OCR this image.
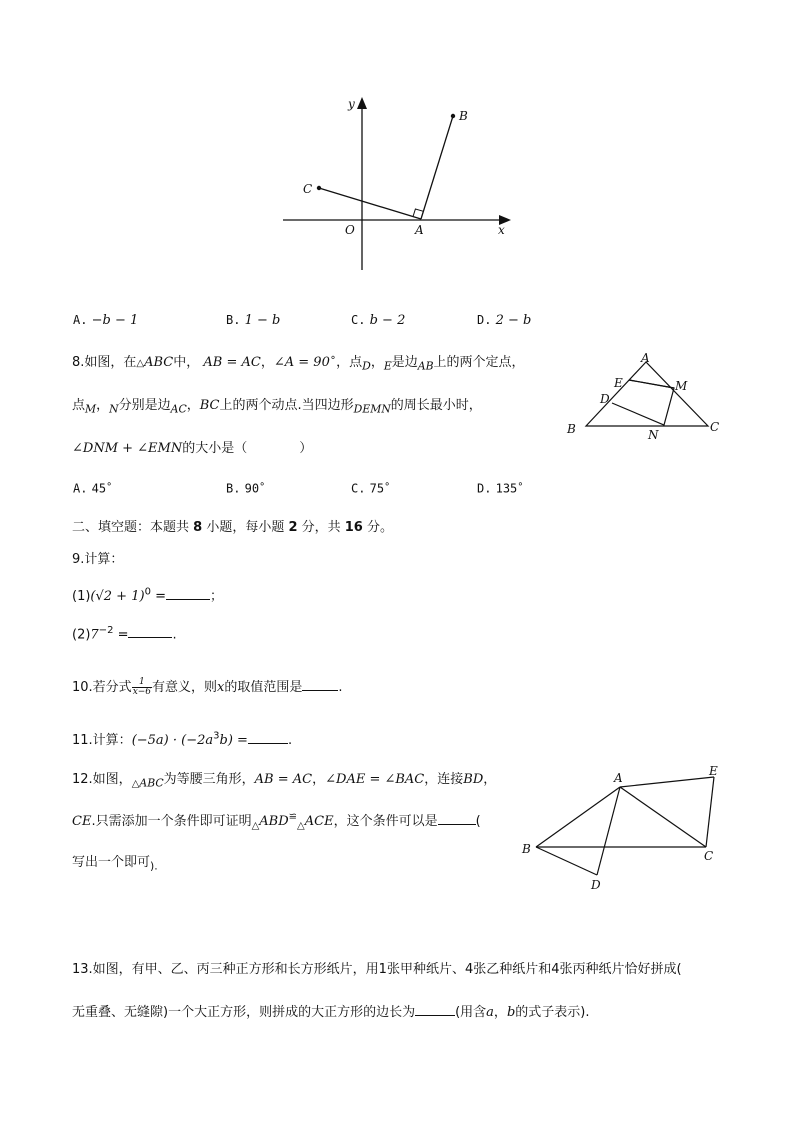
y
x
O	A
B
C
A. −b − 1	B. 1 − b	C. b − 2	D. 2 − b
8.如图，在△ABC中， AB = AC，∠A = 90∘，点$_D$，$_E$是边$_{AB}$上的两个定点，
点$_M$，$_N$分别是边$_{AC}$，BC上的两个动点.当四边形$_{DEMN}$的周长最小时，
∠DNM + ∠EMN的大小是（　　　　）
A
E	M
D
B	N
C
A. 45∘	B. 90∘	C. 75∘	D. 135∘
二、填空题：本题共 8 小题，每小题 2 分，共 16 分。
9.计算：
$(1)(√2 + 1)^0$ =	；
$(2)7^{-2}$ =	.
10.若分式 $\frac{1}{x-6}$ 有意义，则x的取值范围是	.
11.计算：$(-5a) \cdot (-2a^3b)$ =	.
12.如图，$_{\triangle ABC}$为等腰三角形，AB = AC，∠DAE = ∠BAC，连接BD，
CE.只需添加一个条件即可证明$_\triangle ABD^≌_\triangle ACE$，这个条件可以是	(
写出一个即可$_{).}$
A	E
B	C
D
13.如图，有甲、乙、丙三种正方形和长方形纸片，用1张甲种纸片、4张乙种纸片和4张丙种纸片恰好拼成(
无重叠、无缝隙)一个大正方形，则拼成的大正方形的边长为	(用含a，b的式子表示).
